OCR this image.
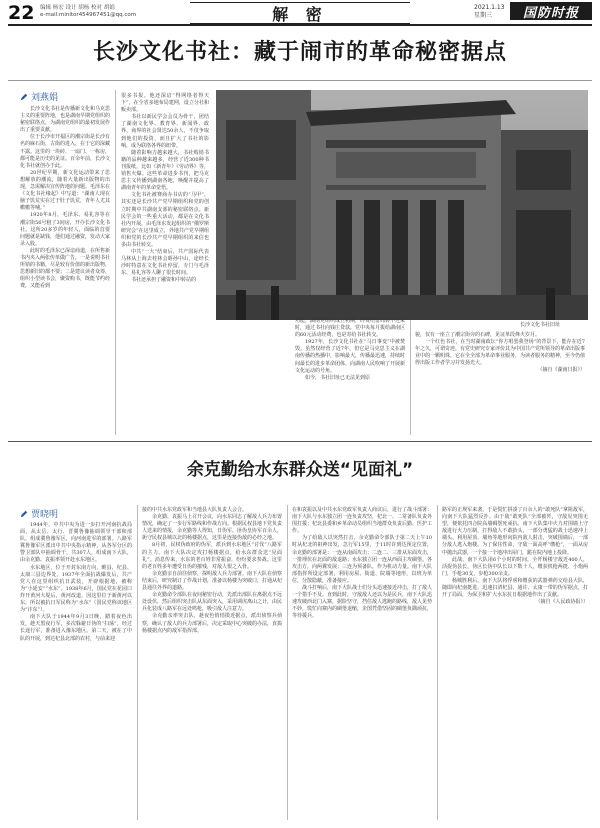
22 编辑 杨宏 设计 胡杨 校对 胡娟
e-mail:minitor454967451@qq.com	解 密	2021.1.13
星期三	国防时报
长沙文化书社：藏于闹市的革命秘密据点
刘燕娟

长沙文化书社是传播新文化和马克思主义的重要阵地，也是湖南早期党组织的秘密联络点，为湖南党组织的最初发展作出了重要贡献。

位于长沙市开福区的潮宗街是长沙有名的麻石街，古街的进入，在于它的深藏不露。这里的一块砖、一扇门、一栋房，都可能是历史的见证。百余年前，长沙文化书社就创办于此。

20世纪早期，新文化运动带来了思想解放的潮流，随着大量新出版物的出现，急需解决宣传阵地的问题。毛泽东在《文化书社缘起》中写道：“湖南人现在脑子饥荒实在过于肚子饥荒，青年人尤其嗷嗷等哺。”

1920年8月，毛泽东、易礼容等在潮宗街56号租了3间房，开办长沙文化书社。这所20多岁的年轻人，面临的首要问题就是缺钱，他们通过融资，发动大家录入股。

此时的毛泽东已深谙商道，在所售新书内夹入两张传单做广告，一是说明书社所销的书籍，尽是较有价值的新出版物，思想新旧的都不要；二是建议读者众筹，组织小型读书会，聚资购书，既能节约经费，又能看到

很多书报。他还深谙“得网络者得天下”，在全省多地布局建网，设立分社和贩卖部。

书社以新民学会会员为骨干，团结了湖南文化界、教育界、新闻界、政界、商界的社会贤达50余人，不仅争取到他们的投资，而且扩大了书社的影响，成为联络各界的纽带。

随着影响力越来越大，书社购销书籍的品种越来越多，经营了近300种书刊报纸，比如《新青年》《劳动界》等，销售火爆。这些革命进步书刊，把马克思主义传播到湖南各地，唤醒并提高了湖南青年的革命觉悟。

文化书社被赛商办书店的“马甲”，其实还是长沙共产党早期组织和党的创立时期中共湖南支部的秘密联络点。新民学会的一些重大活动，都是在文化书社内开展，由毛泽东发起组织的“俄罗斯研究会”在这里成立，外地共产党早期组织和党的长沙共产党早期组织的来信也多由书社转交。

中共“一大”结束后，共产国际代表马林从上海去桂林会晤孙中山，途经长沙时特意在文化书社停留，专门与毛泽东、易礼容等人聊了很长时间。

书社还承担了融资和中转站的

长沙文化书社旧址

功能，湖南党组织成立初期，经费结留周转不过来时，通过书社向钱庄贷款。党中央每月拨给湖南区的60元活动经费，也是寄给书社转交。

1927年，长沙文化书社在“马日事变”中被焚毁。虽然仅经营了近7年，但它是马克思主义在湖南传播的热播中，影响最大，传播最迅速，持续时间最长的进步革命团体，向湖南人民吹响了开展新文化运动的号角。

如今，书社旧址已无法见到原

貌，仅有一座立了潮宗街旁的石碑，见证革段烽火岁月。

一个红色书社，在当时湖南政坛“你方唱罢我登场”的背景下，能存在近7年之久，可谓奇迹。有党史研究专家评价其为中国共产党所领导的革命出版事业中的一颗明珠。它在全全部为革命事业服务，为读者服务的精神，至今仍值得出版工作者学习并发扬光大。

（摘自《湖南日报》）

余克勤给水东群众送“见面礼”
贾晓明

1944年，中共中央为进一步打开河南抗战局面，从太岳、太行、晋冀鲁豫抽调领导干部和部队，组成冀鲁豫军区，向河南进军的部署。八路军冀鲁豫军区派出中共中央指示精神，从各军分区的警卫部队中抽调骨干，共307人，组成南下大队，由余克勤、袁振率领开赴水东地区。

水东地区，位于开封东南方向，睢县、杞县、太康三县边界处。1937年全面抗战爆发后，共产党人在这里组织抗日武装，开辟根据地，被称为“小延安”“水东”。1938年6月，国民党在花园口炸开黄河大堤后，黄河改道，因这里位于新黄河以东，所以被抗日军民称为“水东”（国民党称该地区为“汴东”）。

南下大队于1944年9月3日晚，踏着夜色出发，趁天黑夜行军，多次躲避日伪的“扫荡”，经过长途行军，准备进入豫东地区。第二天，被在了中队的开展，到达杞县北部的农村，与前来迎

接的中共水东党政军和当地县大队负责人会合。

余克勤、袁振马上召开会议，向水东同志了解敌人兵力布置情况，确定了一步行军路线和作战方向。根据民权县地下党负责人送来的情报，余克勤等人得知，日伪军、匪伪皇协军百余人，扼守民权县城以北的杨楼据点，这里是连接伪敌的必经之地。

8月初，民权伪政府的伪军，派兵到水东地区“讨伐”八路军的主力。南下大队决定攻打杨楼据点，给水东群众送“见面礼”。消息传来，水东的老百姓非常振奋，纷纷要求参战。这里的老百姓多年遭受日伪的摧残，对敌人恨之入骨。

余克勤亲自前往侦察，探明敌人兵力部署。南下大队在侦察结束后，研究制订了作战计划，准备以杨楼为突破口，打通从杞县通往外界的道路。

余克勤命令部队在夜间秘密行动，先派出部队在离据点不远处设伏，然后组织突击队从东面突入，采用调虎离山之计，由民兵化装成八路军在远处鸣枪，吸引敌人注意力。

余克勤亲率突击队，趁夜色悄悄摸近据点，派出侦察兵侦察，确认了敌人的兵力部署后，决定采取中心突破的办法，直捣杨楼据点内的敌军指挥部。

在和袁振以及中共水东党政军负责人商议后，进行了战斗部署：南下大队与水东独立团一连负责攻坚，杞北一、二常备队负责外围打援；杞北县委和乡革命动员组织当地群众负责后勤、医护工作。

为了给敌人以突然打击，余克勤命令部队于第二天上午10时从杞北的祖神出发，急行军15里，于11时许到达预定位置，余克勤的部署是：一连从南面攻击；二连二、三排从东面攻击，一排埋伏在北面的敌退路；水东独立团一连从西面主攻碉堡。各攻击方，向两翼发展；三连为预备队，作为机动力量。南下大队部指挥所设定部署，利用房屋、街道、院墙等地形，以班为单位，分散隐蔽，准备接应。

战斗打响后，南下大队战士们分头迅速接近冲击，打了敌人一个措手不及。直到此时，守敌敌人还以为是民兵，南下大队迅速攻破西北门入寨，据险坚守，挡住敌人逃跑的路线，敌人见势不妙，慌忙向寨内的碉堡退缩，企图凭借坚固的碉堡负隅顽抗，等待援兵。

路军的正规军来袭，于是慌忙拼凑了百余人的“敢死队”拿阻敌军，向南下大队猛烈反扑。由于敌“敢死队”全部被歼，守敌见突围无望，便依托四合院高墙碉堡死顽抗。南下大队集中火力对围墙上守敌进行火力压制，打得敌人不敢抬头，一部分勇猛的战士迅速冲上墙头，利用屋顶、墙角等地形向院内敌人射击，突破围墙后，一部分敌人逃入炮楼。为了保住性命，守敌一面高呼“缴枪”，一面从房中抛出武器，一个接一个地冲出屋门，跪在院内地上投降。

此战，南下大队用6个小时的时间，全歼杨楼守敌近400人，活捉伪县长，伪区长伪中队长以下数十人，缴获机枪两挺、小炮两门，手枪30支，步枪300余支。

杨城胜利后，南下大队将俘虏和缴获的武器弹药交给县大队，随即向杞南挺进，迅速扫清杞县、通许、太康一带的伪军据点，打开了局面，为保卫和扩大水东抗日根据地作出了贡献。

（摘自《人民政协报》）
